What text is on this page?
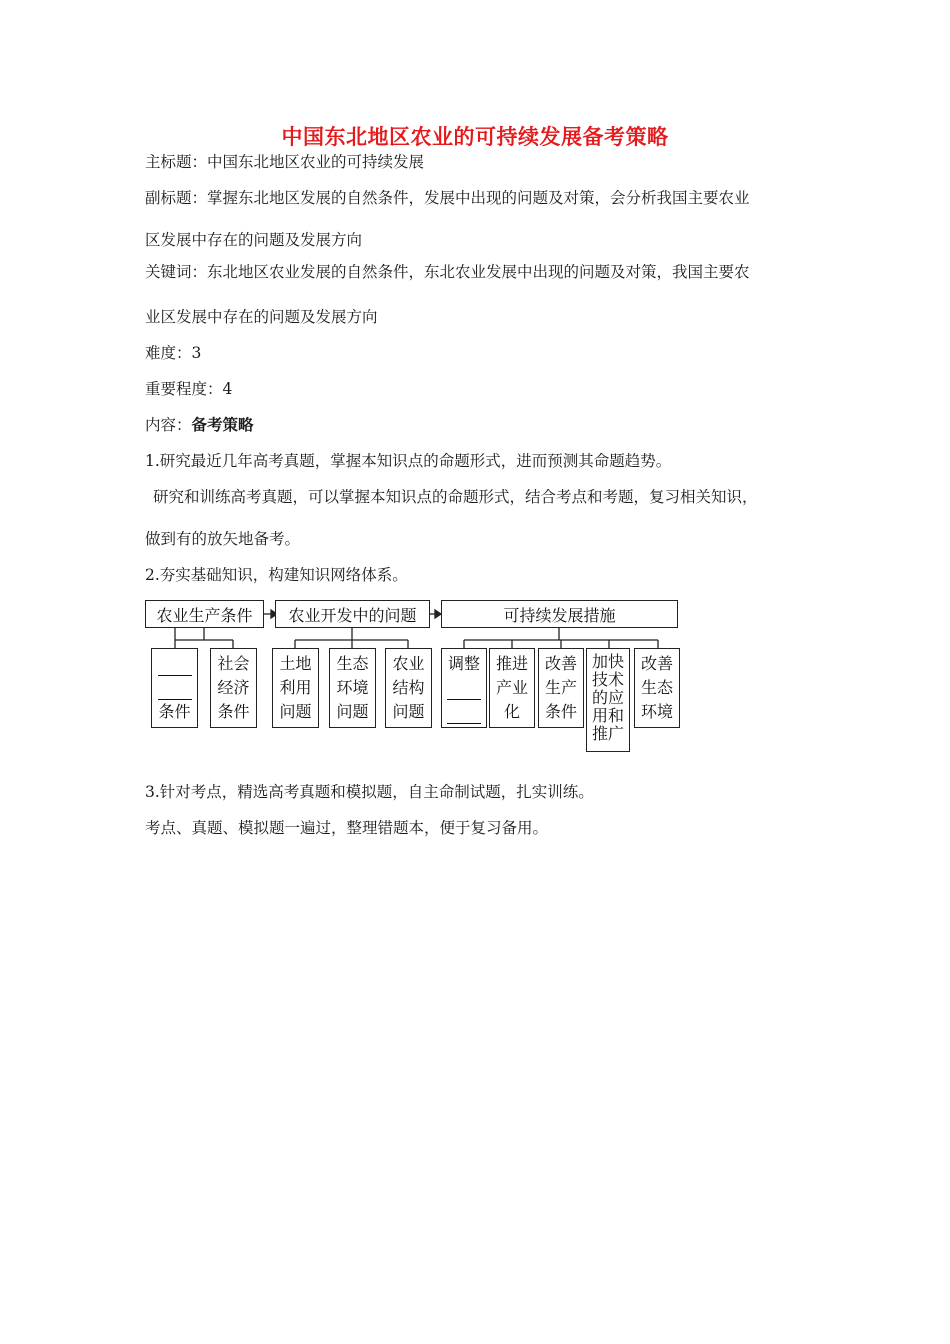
中国东北地区农业的可持续发展备考策略
主标题：中国东北地区农业的可持续发展
副标题：掌握东北地区发展的自然条件，发展中出现的问题及对策，会分析我国主要农业
区发展中存在的问题及发展方向
关键词：东北地区农业发展的自然条件，东北农业发展中出现的问题及对策，我国主要农
业区发展中存在的问题及发展方向
难度：3
重要程度：4
内容：备考策略
1.研究最近几年高考真题，掌握本知识点的命题形式，进而预测其命题趋势。
研究和训练高考真题，可以掌握本知识点的命题形式，结合考点和考题，复习相关知识，
做到有的放矢地备考。
2.夯实基础知识，构建知识网络体系。
农业生产条件	农业开发中的问题	可持续发展措施
条件
社会
经济
条件
土地
利用
问题
生态
环境
问题
农业
结构
问题
调整 推进
产业
化
改善
生产
条件
加快
技术
的应
用和
推广
改善
生态
环境
3.针对考点，精选高考真题和模拟题，自主命制试题，扎实训练。
考点、真题、模拟题一遍过，整理错题本，便于复习备用。
